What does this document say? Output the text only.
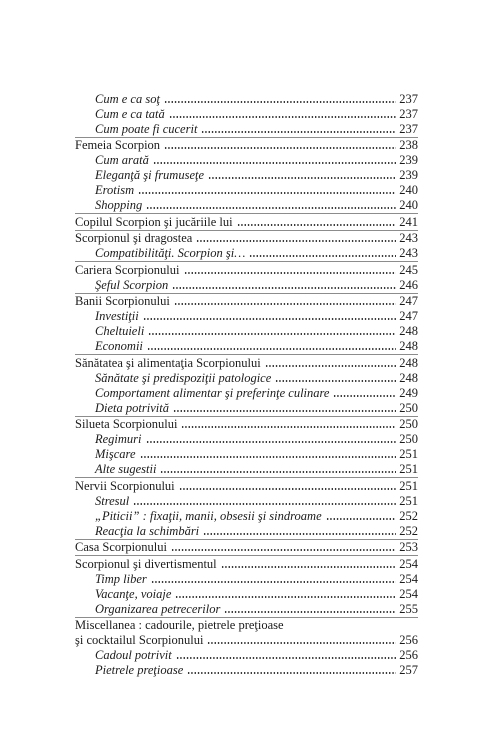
Cum e ca soţ	237
Cum e ca tată	237
Cum poate fi cucerit	237
Femeia Scorpion	238
Cum arată	239
Eleganţă şi frumuseţe	239
Erotism	240
Shopping	240
Copilul Scorpion şi jucăriile lui	241
Scorpionul şi dragostea	243
Compatibilităţi. Scorpion şi…	243
Cariera Scorpionului	245
Şeful Scorpion	246
Banii Scorpionului	247
Investiţii	247
Cheltuieli	248
Economii	248
Sănătatea şi alimentaţia Scorpionului	248
Sănătate şi predispoziţii patologice	248
Comportament alimentar şi preferinţe culinare	249
Dieta potrivită	250
Silueta Scorpionului	250
Regimuri	250
Mişcare	251
Alte sugestii	251
Nervii Scorpionului	251
Stresul	251
„Piticii” : fixaţii, manii, obsesii şi sindroame	252
Reacţia la schimbări	252
Casa Scorpionului	253
Scorpionul şi divertismentul	254
Timp liber	254
Vacanţe, voiaje	254
Organizarea petrecerilor	255
Miscellanea : cadourile, pietrele preţioase
şi cocktailul Scorpionului	256
Cadoul potrivit	256
Pietrele preţioase	257
